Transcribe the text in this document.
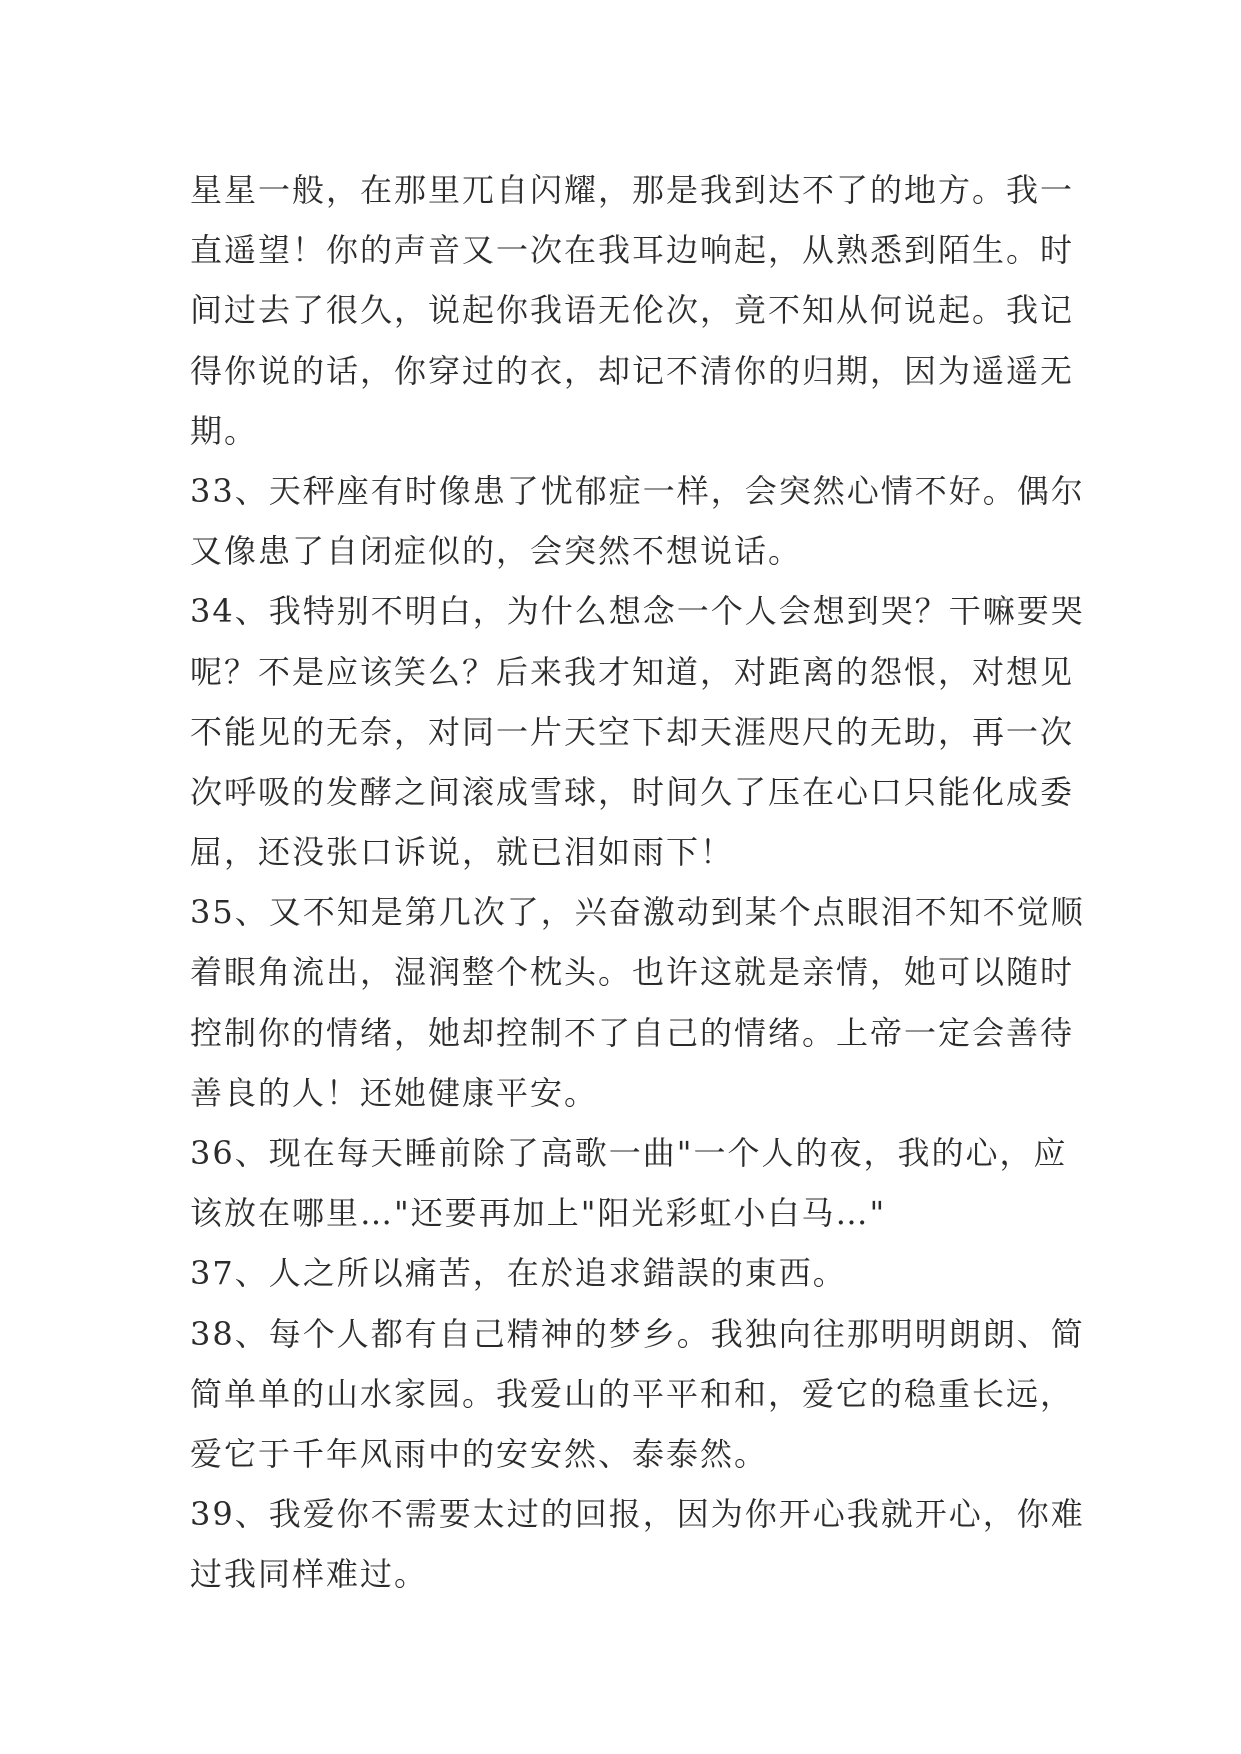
星星一般，在那里兀自闪耀，那是我到达不了的地方。我一
直遥望！你的声音又一次在我耳边响起，从熟悉到陌生。时
间过去了很久，说起你我语无伦次，竟不知从何说起。我记
得你说的话，你穿过的衣，却记不清你的归期，因为遥遥无
期。
33、天秤座有时像患了忧郁症一样，会突然心情不好。偶尔
又像患了自闭症似的，会突然不想说话。
34、我特别不明白，为什么想念一个人会想到哭？干嘛要哭
呢？不是应该笑么？后来我才知道，对距离的怨恨，对想见
不能见的无奈，对同一片天空下却天涯咫尺的无助，再一次
次呼吸的发酵之间滚成雪球，时间久了压在心口只能化成委
屈，还没张口诉说，就已泪如雨下！
35、又不知是第几次了，兴奋激动到某个点眼泪不知不觉顺
着眼角流出，湿润整个枕头。也许这就是亲情，她可以随时
控制你的情绪，她却控制不了自己的情绪。上帝一定会善待
善良的人！还她健康平安。
36、现在每天睡前除了高歌一曲"一个人的夜，我的心，应
该放在哪里…"还要再加上"阳光彩虹小白马…"
37、人之所以痛苦，在於追求錯誤的東西。
38、每个人都有自己精神的梦乡。我独向往那明明朗朗、简
简单单的山水家园。我爱山的平平和和，爱它的稳重长远，
爱它于千年风雨中的安安然、泰泰然。
39、我爱你不需要太过的回报，因为你开心我就开心，你难
过我同样难过。
